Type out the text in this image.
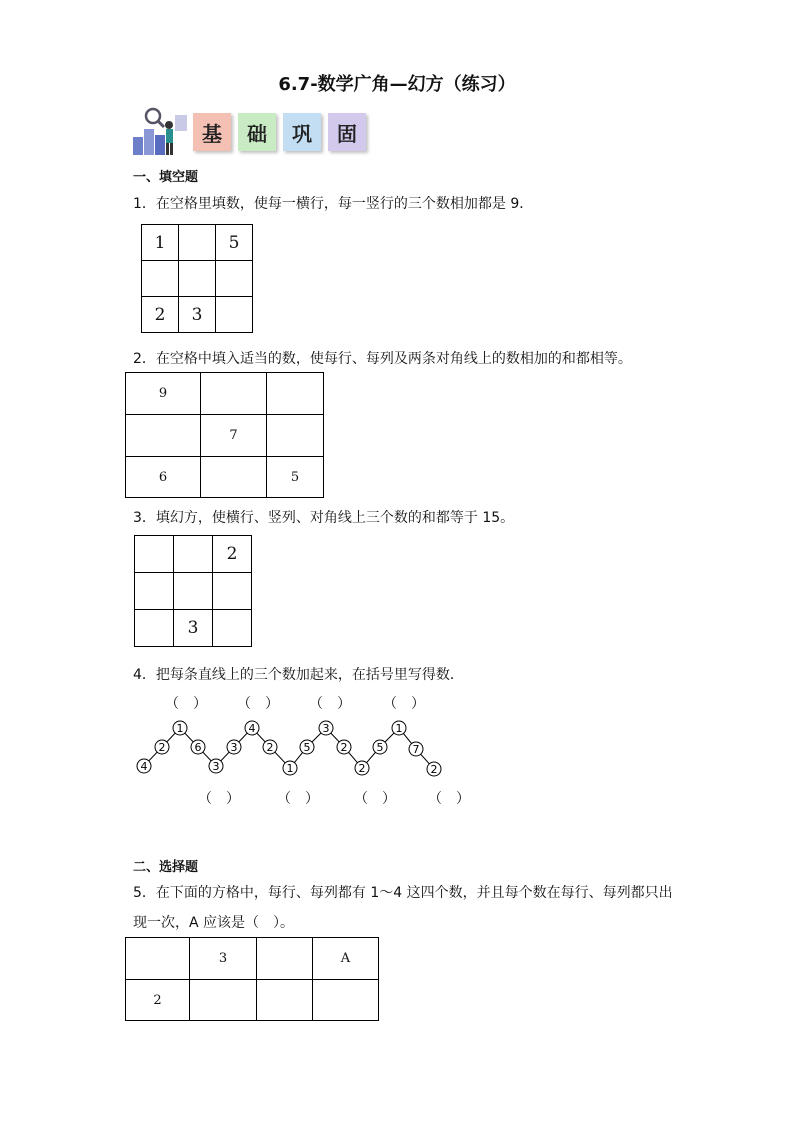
6.7-数学广角—幻方（练习）
基	础	巩	固
一、填空题
1．在空格里填数，使每一横行，每一竖行的三个数相加都是 9．
1		5

2	3	
2．在空格中填入适当的数，使每行、每列及两条对角线上的数相加的和都相等。
9		
	7	
6		5
3．填幻方，使横行、竖列、对角线上三个数的和都等于 15。
		2

	3	
4．把每条直线上的三个数加起来，在括号里写得数．
（　） （　） （　） （　）
4
2
1
6
3
3
4
2
1
5
3
2
2
5
1
7
2
（　）	（　）	（　） （　）
二、选择题
5．在下面的方格中，每行、每列都有 1～4 这四个数，并且每个数在每行、每列都只出
现一次，A 应该是（　）。
	3		A
2			
